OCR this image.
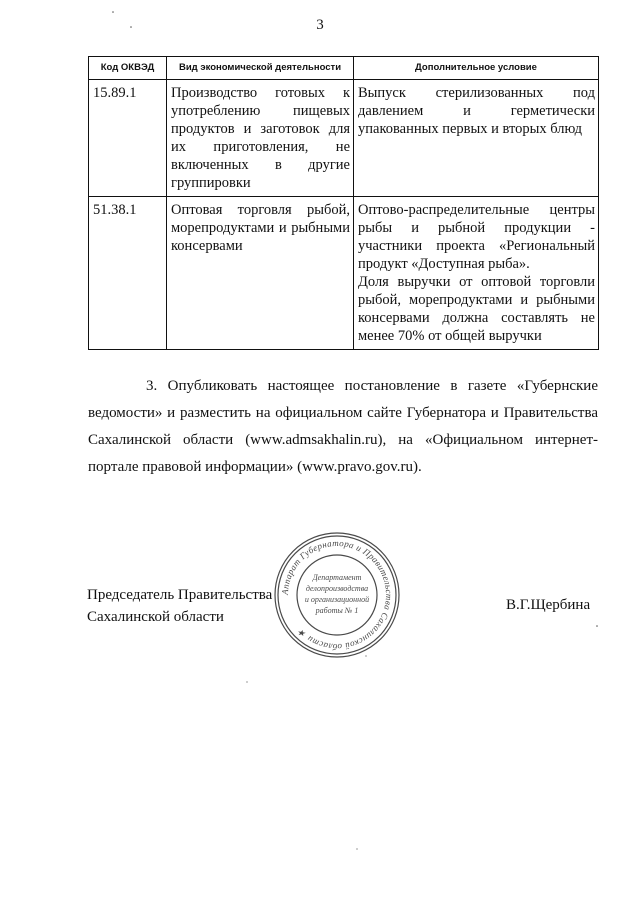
3
Код ОКВЭД	Вид экономической деятельности	Дополнительное условие
15.89.1	Производство готовых к употреблению пищевых продуктов и заготовок для их приготовления, не включенных в другие группировки	Выпуск стерилизованных под давлением и герметически упакованных первых и вторых блюд

51.38.1	Оптовая торговля рыбой, морепродуктами и рыбными консервами	Оптово-распределительные центры рыбы и рыбной продукции - участники проекта «Региональный продукт «Доступная рыба».
Доля выручки от оптовой торговли рыбой, морепродуктами и рыбными консервами должна составлять не менее 70% от общей выручки

3. Опубликовать настоящее постановление в газете «Губернские ведомости» и разместить на официальном сайте Губернатора и Правительства Сахалинской области (www.admsakhalin.ru), на «Официальном интернет-портале правовой информации» (www.pravo.gov.ru).

Председатель Правительства
Сахалинской области
В.Г.Щербина
Аппарат Губернатора и Правительства Сахалинской области ★
Департамент
делопроизводства
и организационной
работы № 1
